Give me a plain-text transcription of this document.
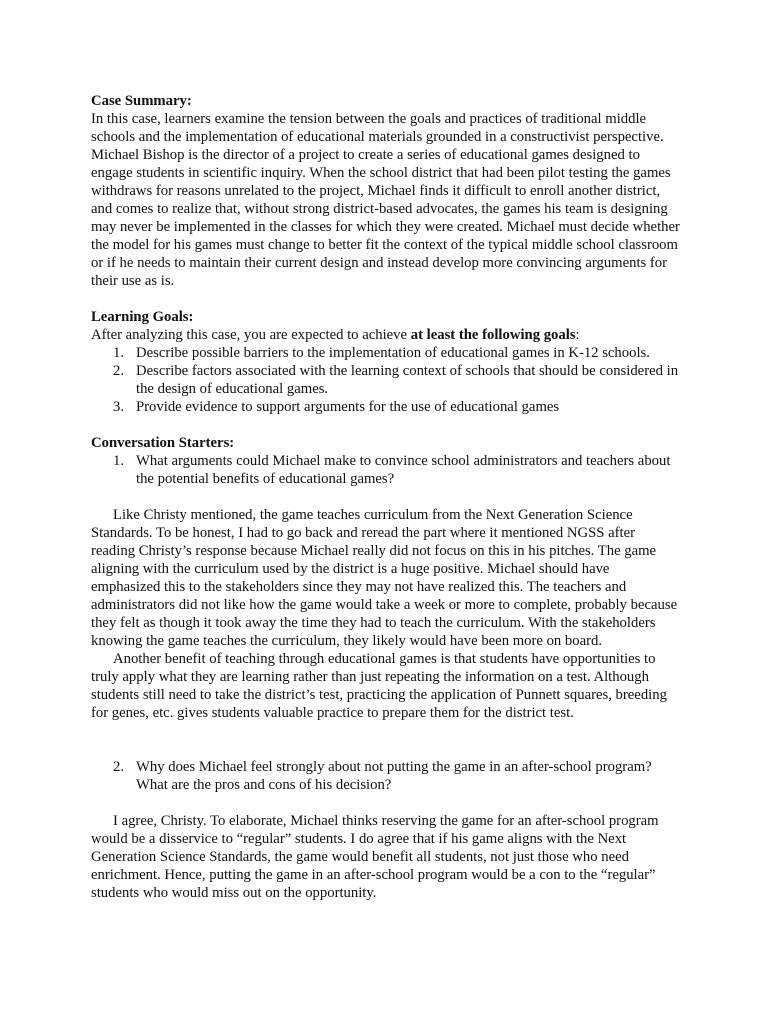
Case Summary:

In this case, learners examine the tension between the goals and practices of traditional middle schools and the implementation of educational materials grounded in a constructivist perspective. Michael Bishop is the director of a project to create a series of educational games designed to engage students in scientific inquiry. When the school district that had been pilot testing the games withdraws for reasons unrelated to the project, Michael finds it difficult to enroll another district, and comes to realize that, without strong district-based advocates, the games his team is designing may never be implemented in the classes for which they were created. Michael must decide whether the model for his games must change to better fit the context of the typical middle school classroom or if he needs to maintain their current design and instead develop more convincing arguments for their use as is.

Learning Goals:

After analyzing this case, you are expected to achieve at least the following goals:

1. Describe possible barriers to the implementation of educational games in K-12 schools.
2. Describe factors associated with the learning context of schools that should be considered in the design of educational games.
3. Provide evidence to support arguments for the use of educational games
Conversation Starters:
1. What arguments could Michael make to convince school administrators and teachers about the potential benefits of educational games?

Like Christy mentioned, the game teaches curriculum from the Next Generation Science Standards. To be honest, I had to go back and reread the part where it mentioned NGSS after reading Christy’s response because Michael really did not focus on this in his pitches. The game aligning with the curriculum used by the district is a huge positive. Michael should have emphasized this to the stakeholders since they may not have realized this. The teachers and administrators did not like how the game would take a week or more to complete, probably because they felt as though it took away the time they had to teach the curriculum. With the stakeholders knowing the game teaches the curriculum, they likely would have been more on board.

Another benefit of teaching through educational games is that students have opportunities to truly apply what they are learning rather than just repeating the information on a test. Although students still need to take the district’s test, practicing the application of Punnett squares, breeding for genes, etc. gives students valuable practice to prepare them for the district test.

2. Why does Michael feel strongly about not putting the game in an after-school program? What are the pros and cons of his decision?

I agree, Christy. To elaborate, Michael thinks reserving the game for an after-school program would be a disservice to “regular” students. I do agree that if his game aligns with the Next Generation Science Standards, the game would benefit all students, not just those who need enrichment. Hence, putting the game in an after-school program would be a con to the “regular” students who would miss out on the opportunity.
